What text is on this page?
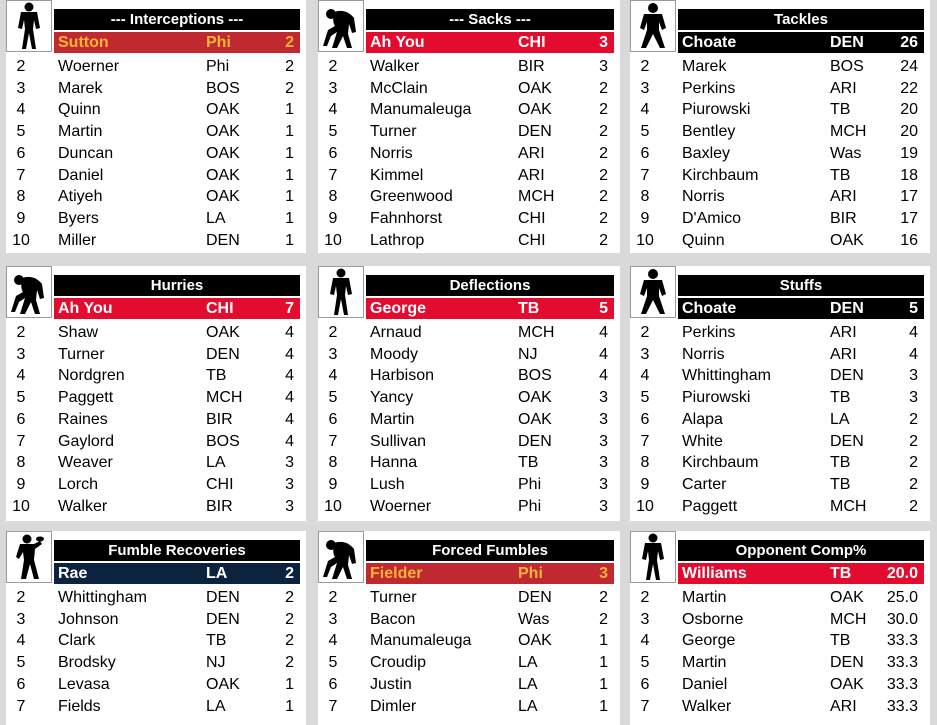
--- Interceptions ---
Sutton	Phi	2
2	Woerner	Phi	2
3	Marek	BOS	2
4	Quinn	OAK	1
5	Martin	OAK	1
6	Duncan	OAK	1
7	Daniel	OAK	1
8	Atiyeh	OAK	1
9	Byers	LA	1
10 Miller	DEN	1
--- Sacks ---
Ah You	CHI	3
2	Walker	BIR	3
3	McClain	OAK	2
4	Manumaleuga	OAK	2
5	Turner	DEN	2
6	Norris	ARI	2
7	Kimmel	ARI	2
8	Greenwood	MCH	2
9	Fahnhorst	CHI	2
10 Lathrop	CHI	2
Tackles
Choate	DEN 26
2	Marek	BOS 24
3	Perkins	ARI	22
4	Piurowski	TB	20
5	Bentley	MCH 20
6	Baxley	Was 19
7	Kirchbaum	TB	18
8	Norris	ARI	17
9	D'Amico	BIR	17
10 Quinn	OAK 16
Hurries
Ah You	CHI	7
2	Shaw	OAK	4
3	Turner	DEN	4
4	Nordgren	TB	4
5	Paggett	MCH	4
6	Raines	BIR	4
7	Gaylord	BOS	4
8	Weaver	LA	3
9	Lorch	CHI	3
10 Walker	BIR	3
Deflections
George	TB	5
2	Arnaud	MCH	4
3	Moody	NJ	4
4	Harbison	BOS	4
5	Yancy	OAK	3
6	Martin	OAK	3
7	Sullivan	DEN	3
8	Hanna	TB	3
9	Lush	Phi	3
10 Woerner	Phi	3
Stuffs
Choate	DEN	5
2	Perkins	ARI	4
3	Norris	ARI	4
4	Whittingham	DEN	3
5	Piurowski	TB	3
6	Alapa	LA	2
7	White	DEN	2
8	Kirchbaum	TB	2
9	Carter	TB	2
10 Paggett	MCH	2
Fumble Recoveries
Rae	LA	2
2	Whittingham	DEN	2
3	Johnson	DEN	2
4	Clark	TB	2
5	Brodsky	NJ	2
6	Levasa	OAK	1
7	Fields	LA	1
Forced Fumbles
Fielder	Phi	3
2	Turner	DEN	2
3	Bacon	Was	2
4	Manumaleuga	OAK	1
5	Croudip	LA	1
6	Justin	LA	1
7	Dimler	LA	1
Opponent Comp%
Williams	TB 20.0
2	Martin	OAK 25.0
3	Osborne	MCH 30.0
4	George	TB 33.3
5	Martin	DEN 33.3
6	Daniel	OAK 33.3
7	Walker	ARI 33.3
